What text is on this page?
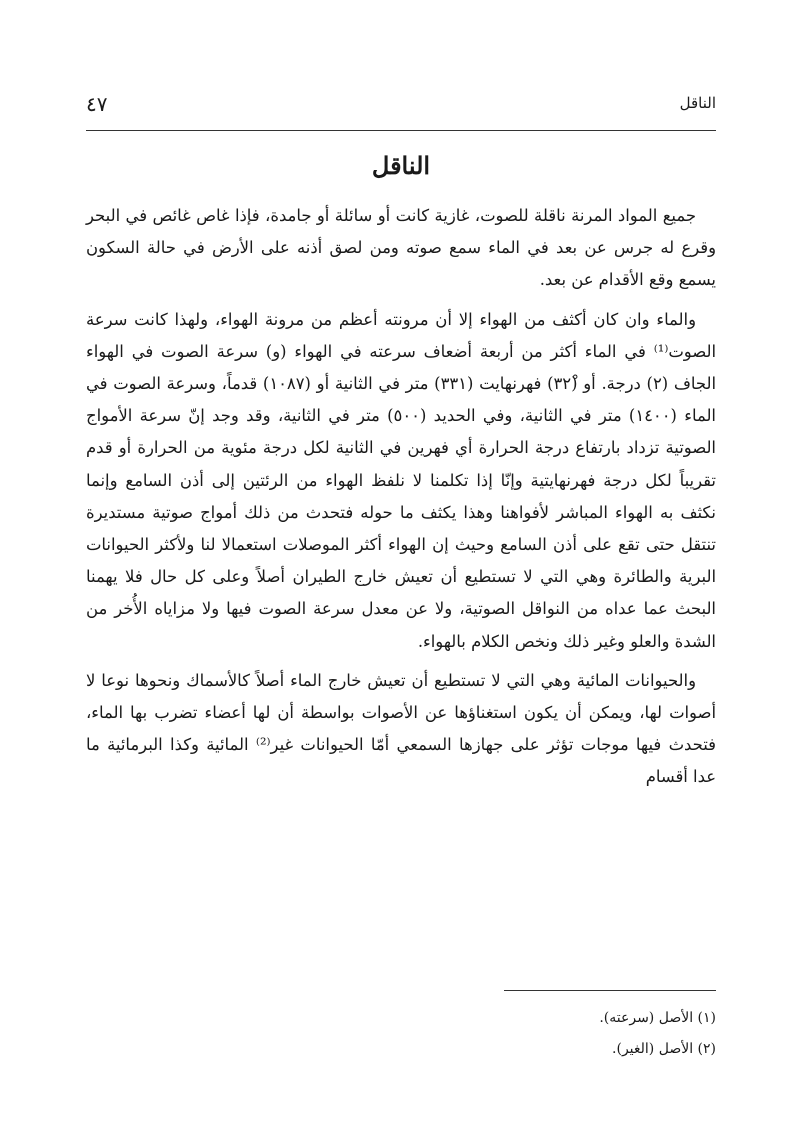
الناقل
٤٧
الناقل

جميع المواد المرنة ناقلة للصوت، غازية كانت أو سائلة أو جامدة، فإذا غاص غائص في البحر وقرع له جرس عن بعد في الماء سمع صوته ومن لصق أذنه على الأرض في حالة السكون يسمع وقع الأقدام عن بعد.

والماء وان كان أكثف من الهواء إلا أن مرونته أعظم من مرونة الهواء، ولهذا كانت سرعة الصوت⁽¹⁾ في الماء أكثر من أربعة أضعاف سرعته في الهواء (و) سرعة الصوت في الهواء الجاف (٢) درجة. أو (٣٢ْ) فهرنهايت (٣٣١) متر في الثانية أو (١٠٨٧) قدماً، وسرعة الصوت في الماء (١٤٠٠) متر في الثانية، وفي الحديد (٥٠٠) متر في الثانية، وقد وجد إنّ سرعة الأمواج الصوتية تزداد بارتفاع درجة الحرارة أي فهرين في الثانية لكل درجة مئوية من الحرارة أو قدم تقريباً لكل درجة فهرنهايتية وإنّا إذا تكلمنا لا نلفظ الهواء من الرئتين إلى أذن السامع وإنما نكثف به الهواء المباشر لأفواهنا وهذا يكثف ما حوله فتحدث من ذلك أمواج صوتية مستديرة تنتقل حتى تقع على أذن السامع وحيث إن الهواء أكثر الموصلات استعمالا لنا ولأكثر الحيوانات البرية والطائرة وهي التي لا تستطيع أن تعيش خارج الطيران أصلاً وعلى كل حال فلا يهمنا البحث عما عداه من النواقل الصوتية، ولا عن معدل سرعة الصوت فيها ولا مزاياه الأُخر من الشدة والعلو وغير ذلك ونخص الكلام بالهواء.

والحيوانات المائية وهي التي لا تستطيع أن تعيش خارج الماء أصلاً كالأسماك ونحوها نوعا لا أصوات لها، ويمكن أن يكون استغناؤها عن الأصوات بواسطة أن لها أعضاء تضرب بها الماء، فتحدث فيها موجات تؤثر على جهازها السمعي أمّا الحيوانات غير⁽²⁾ المائية وكذا البرمائية ما عدا أقسام

(١) الأصل (سرعته).

(٢) الأصل (الغير).
